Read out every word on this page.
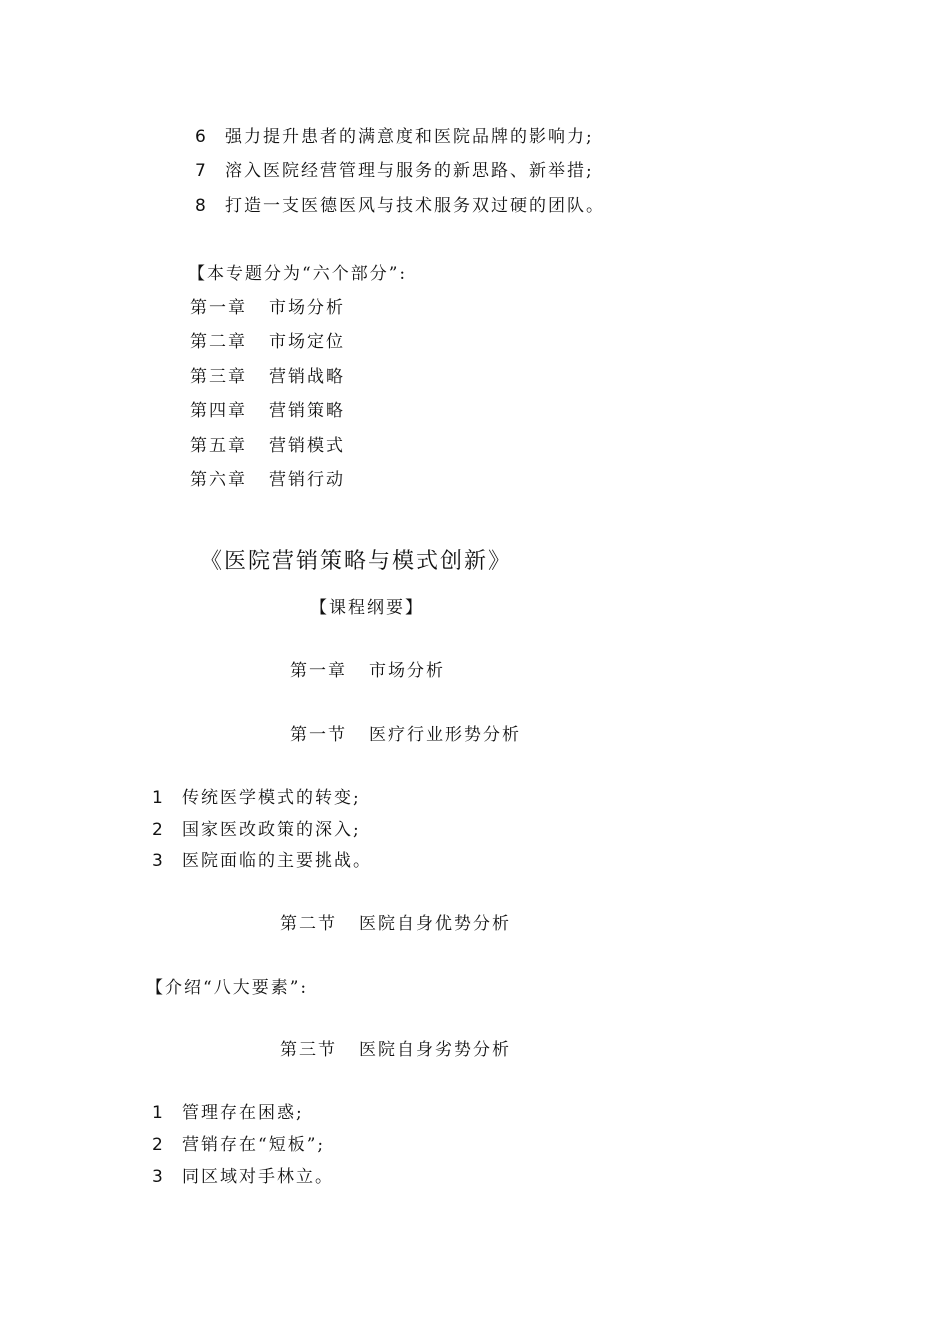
6 强力提升患者的满意度和医院品牌的影响力;
7 溶入医院经营管理与服务的新思路、新举措;
8 打造一支医德医风与技术服务双过硬的团队。
【本专题分为“六个部分”:
第一章 市场分析
第二章 市场定位
第三章 营销战略
第四章 营销策略
第五章 营销模式
第六章 营销行动
《医院营销策略与模式创新》
【课程纲要】
第一章 市场分析
第一节 医疗行业形势分析
1 传统医学模式的转变;
2 国家医改政策的深入;
3 医院面临的主要挑战。
第二节 医院自身优势分析
【介绍“八大要素”:
第三节 医院自身劣势分析
1 管理存在困惑;
2 营销存在“短板”;
3 同区域对手林立。
